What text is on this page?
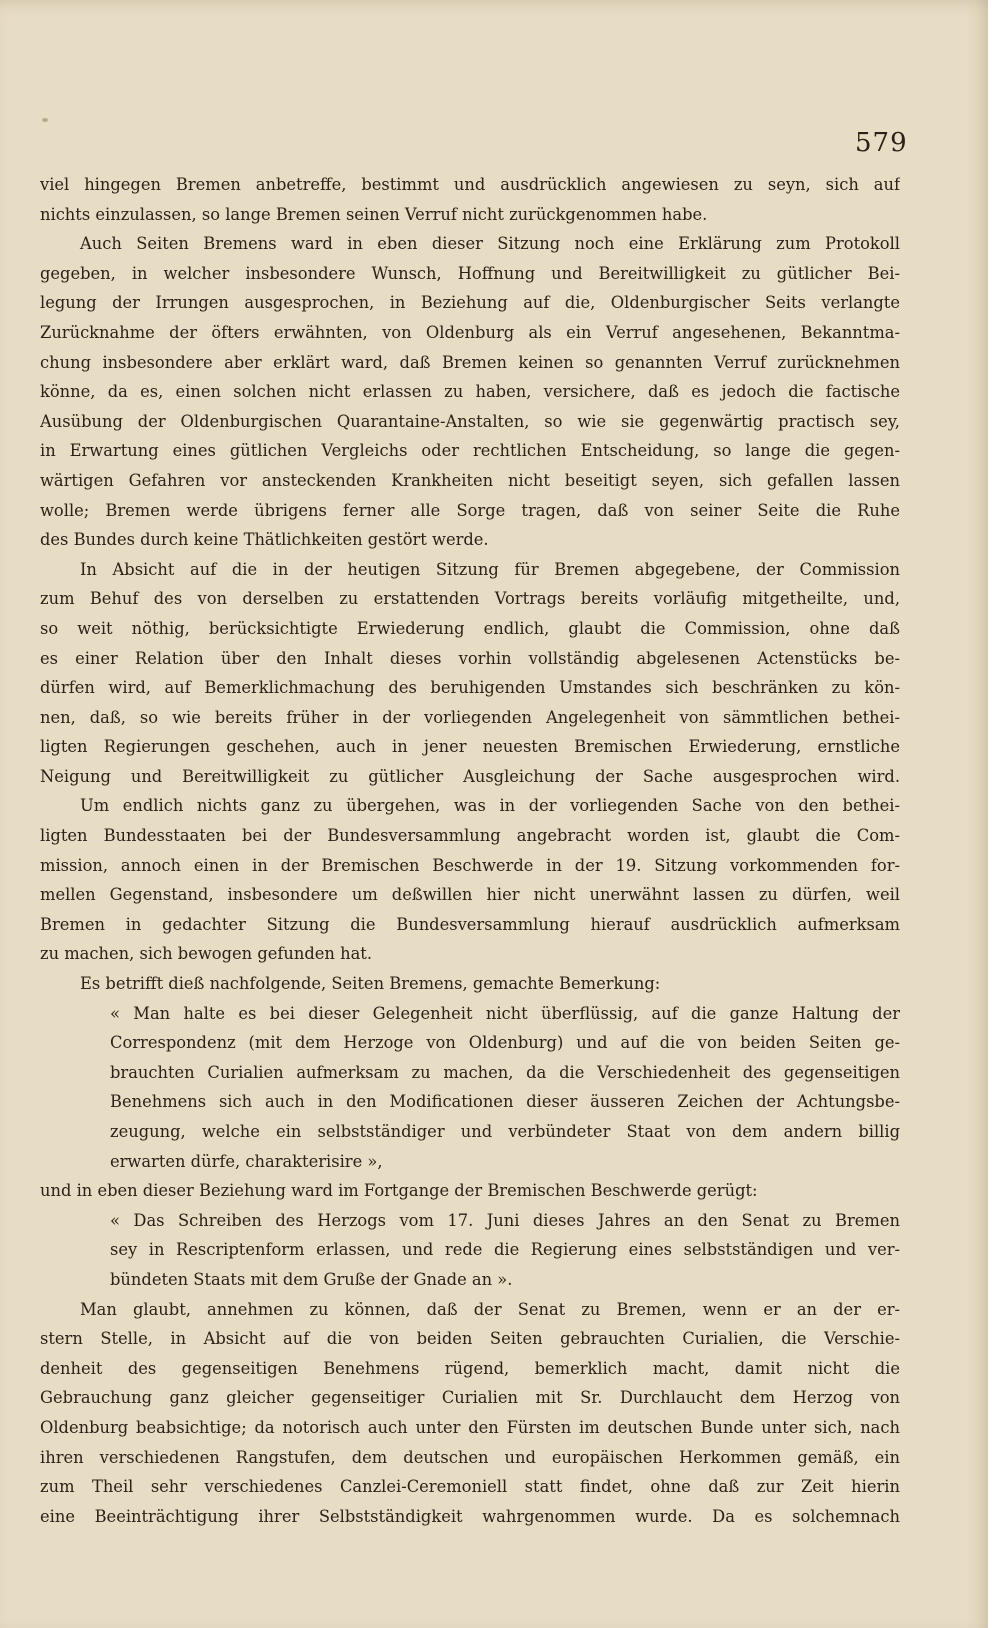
579
viel hingegen Bremen anbetreffe, bestimmt und ausdrücklich angewiesen zu seyn, sich auf
nichts einzulassen, so lange Bremen seinen Verruf nicht zurückgenommen habe.
Auch Seiten Bremens ward in eben dieser Sitzung noch eine Erklärung zum Protokoll
gegeben, in welcher insbesondere Wunsch, Hoffnung und Bereitwilligkeit zu gütlicher Bei-
legung der Irrungen ausgesprochen, in Beziehung auf die, Oldenburgischer Seits verlangte
Zurücknahme der öfters erwähnten, von Oldenburg als ein Verruf angesehenen, Bekanntma-
chung insbesondere aber erklärt ward, daß Bremen keinen so genannten Verruf zurücknehmen
könne, da es, einen solchen nicht erlassen zu haben, versichere, daß es jedoch die factische
Ausübung der Oldenburgischen Quarantaine-Anstalten, so wie sie gegenwärtig practisch sey,
in Erwartung eines gütlichen Vergleichs oder rechtlichen Entscheidung, so lange die gegen-
wärtigen Gefahren vor ansteckenden Krankheiten nicht beseitigt seyen, sich gefallen lassen
wolle; Bremen werde übrigens ferner alle Sorge tragen, daß von seiner Seite die Ruhe
des Bundes durch keine Thätlichkeiten gestört werde.
In Absicht auf die in der heutigen Sitzung für Bremen abgegebene, der Commission
zum Behuf des von derselben zu erstattenden Vortrags bereits vorläufig mitgetheilte, und,
so weit nöthig, berücksichtigte Erwiederung endlich, glaubt die Commission, ohne daß
es einer Relation über den Inhalt dieses vorhin vollständig abgelesenen Actenstücks be-
dürfen wird, auf Bemerklichmachung des beruhigenden Umstandes sich beschränken zu kön-
nen, daß, so wie bereits früher in der vorliegenden Angelegenheit von sämmtlichen bethei-
ligten Regierungen geschehen, auch in jener neuesten Bremischen Erwiederung, ernstliche
Neigung und Bereitwilligkeit zu gütlicher Ausgleichung der Sache ausgesprochen wird.
Um endlich nichts ganz zu übergehen, was in der vorliegenden Sache von den bethei-
ligten Bundesstaaten bei der Bundesversammlung angebracht worden ist, glaubt die Com-
mission, annoch einen in der Bremischen Beschwerde in der 19. Sitzung vorkommenden for-
mellen Gegenstand, insbesondere um deßwillen hier nicht unerwähnt lassen zu dürfen, weil
Bremen in gedachter Sitzung die Bundesversammlung hierauf ausdrücklich aufmerksam
zu machen, sich bewogen gefunden hat.
Es betrifft dieß nachfolgende, Seiten Bremens, gemachte Bemerkung:
« Man halte es bei dieser Gelegenheit nicht überflüssig, auf die ganze Haltung der
Correspondenz (mit dem Herzoge von Oldenburg) und auf die von beiden Seiten ge-
brauchten Curialien aufmerksam zu machen, da die Verschiedenheit des gegenseitigen
Benehmens sich auch in den Modificationen dieser äusseren Zeichen der Achtungsbe-
zeugung, welche ein selbstständiger und verbündeter Staat von dem andern billig
erwarten dürfe, charakterisire »,
und in eben dieser Beziehung ward im Fortgange der Bremischen Beschwerde gerügt:
« Das Schreiben des Herzogs vom 17. Juni dieses Jahres an den Senat zu Bremen
sey in Rescriptenform erlassen, und rede die Regierung eines selbstständigen und ver-
bündeten Staats mit dem Gruße der Gnade an ».
Man glaubt, annehmen zu können, daß der Senat zu Bremen, wenn er an der er-
stern Stelle, in Absicht auf die von beiden Seiten gebrauchten Curialien, die Verschie-
denheit des gegenseitigen Benehmens rügend, bemerklich macht, damit nicht die
Gebrauchung ganz gleicher gegenseitiger Curialien mit Sr. Durchlaucht dem Herzog von
Oldenburg beabsichtige; da notorisch auch unter den Fürsten im deutschen Bunde unter sich, nach
ihren verschiedenen Rangstufen, dem deutschen und europäischen Herkommen gemäß, ein
zum Theil sehr verschiedenes Canzlei-Ceremoniell statt findet, ohne daß zur Zeit hierin
eine Beeinträchtigung ihrer Selbstständigkeit wahrgenommen wurde. Da es solchemnach
